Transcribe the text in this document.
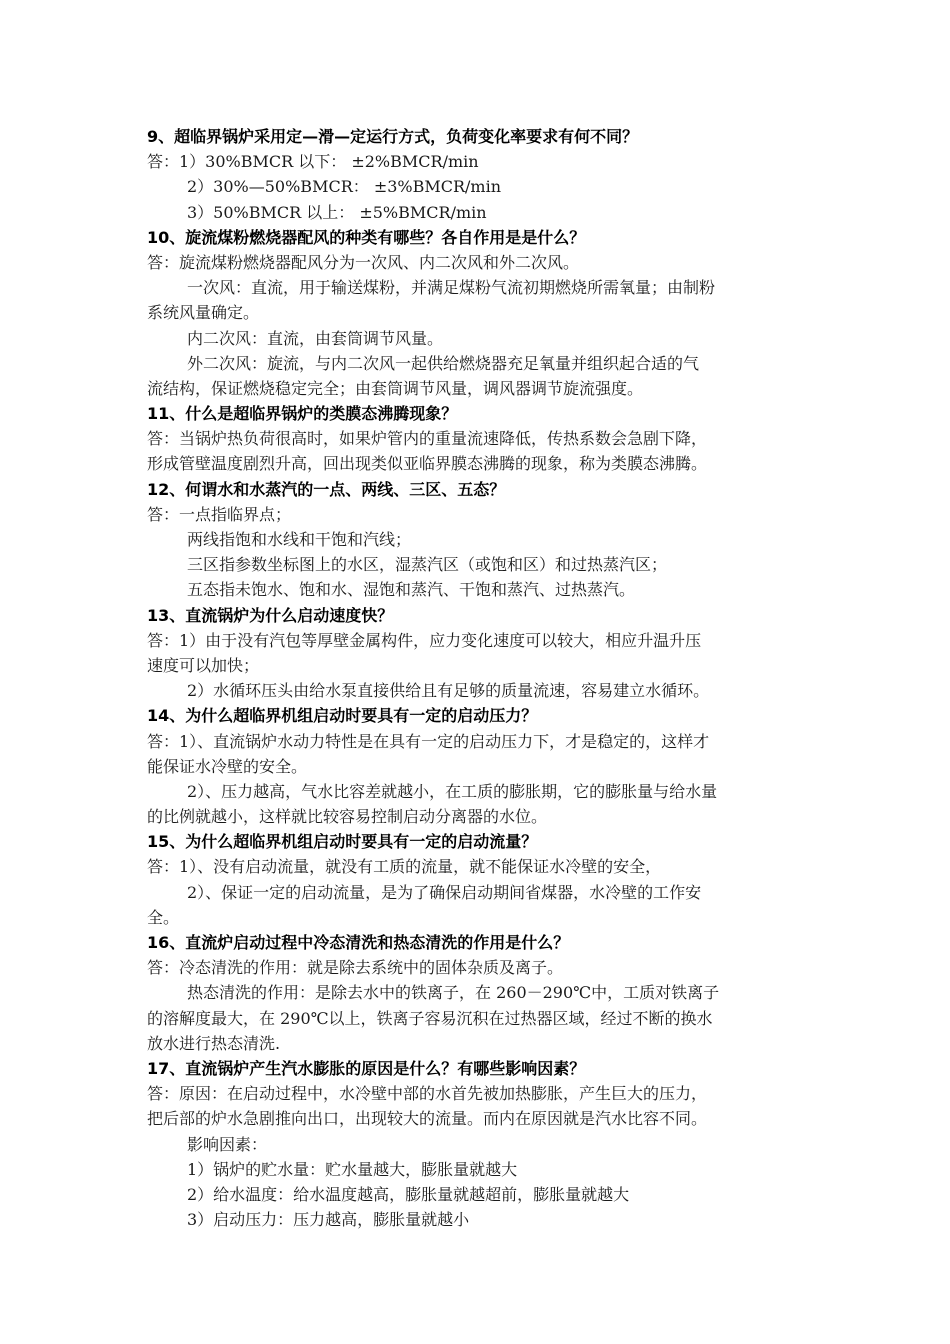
9、超临界锅炉采用定—滑—定运行方式，负荷变化率要求有何不同？
答：1）30%BMCR 以下： ±2%BMCR/min
2）30%—50%BMCR： ±3%BMCR/min
3）50%BMCR 以上： ±5%BMCR/min
10、旋流煤粉燃烧器配风的种类有哪些？各自作用是是什么？
答：旋流煤粉燃烧器配风分为一次风、内二次风和外二次风。
一次风：直流，用于输送煤粉，并满足煤粉气流初期燃烧所需氧量；由制粉
系统风量确定。
内二次风：直流，由套筒调节风量。
外二次风：旋流，与内二次风一起供给燃烧器充足氧量并组织起合适的气
流结构，保证燃烧稳定完全；由套筒调节风量，调风器调节旋流强度。
11、什么是超临界锅炉的类膜态沸腾现象？
答：当锅炉热负荷很高时，如果炉管内的重量流速降低，传热系数会急剧下降，
形成管壁温度剧烈升高，回出现类似亚临界膜态沸腾的现象，称为类膜态沸腾。
12、何谓水和水蒸汽的一点、两线、三区、五态？
答：一点指临界点；
两线指饱和水线和干饱和汽线；
三区指参数坐标图上的水区，湿蒸汽区（或饱和区）和过热蒸汽区；
五态指未饱水、饱和水、湿饱和蒸汽、干饱和蒸汽、过热蒸汽。
13、直流锅炉为什么启动速度快？
答：1）由于没有汽包等厚壁金属构件，应力变化速度可以较大，相应升温升压
速度可以加快；
2）水循环压头由给水泵直接供给且有足够的质量流速，容易建立水循环。
14、为什么超临界机组启动时要具有一定的启动压力？
答：1）、直流锅炉水动力特性是在具有一定的启动压力下，才是稳定的，这样才
能保证水冷壁的安全。
2）、压力越高，气水比容差就越小，在工质的膨胀期，它的膨胀量与给水量
的比例就越小，这样就比较容易控制启动分离器的水位。
15、为什么超临界机组启动时要具有一定的启动流量？
答：1）、没有启动流量，就没有工质的流量，就不能保证水冷壁的安全，
2）、保证一定的启动流量，是为了确保启动期间省煤器，水冷壁的工作安
全。
16、直流炉启动过程中冷态清洗和热态清洗的作用是什么？
答：冷态清洗的作用：就是除去系统中的固体杂质及离子。
热态清洗的作用：是除去水中的铁离子，在 260－290℃中，工质对铁离子
的溶解度最大，在 290℃以上，铁离子容易沉积在过热器区域，经过不断的换水
放水进行热态清洗.
17、直流锅炉产生汽水膨胀的原因是什么？有哪些影响因素？
答：原因：在启动过程中，水冷壁中部的水首先被加热膨胀，产生巨大的压力，
把后部的炉水急剧推向出口，出现较大的流量。而内在原因就是汽水比容不同。
影响因素：
1）锅炉的贮水量：贮水量越大，膨胀量就越大
2）给水温度：给水温度越高，膨胀量就越超前，膨胀量就越大
3）启动压力：压力越高，膨胀量就越小
